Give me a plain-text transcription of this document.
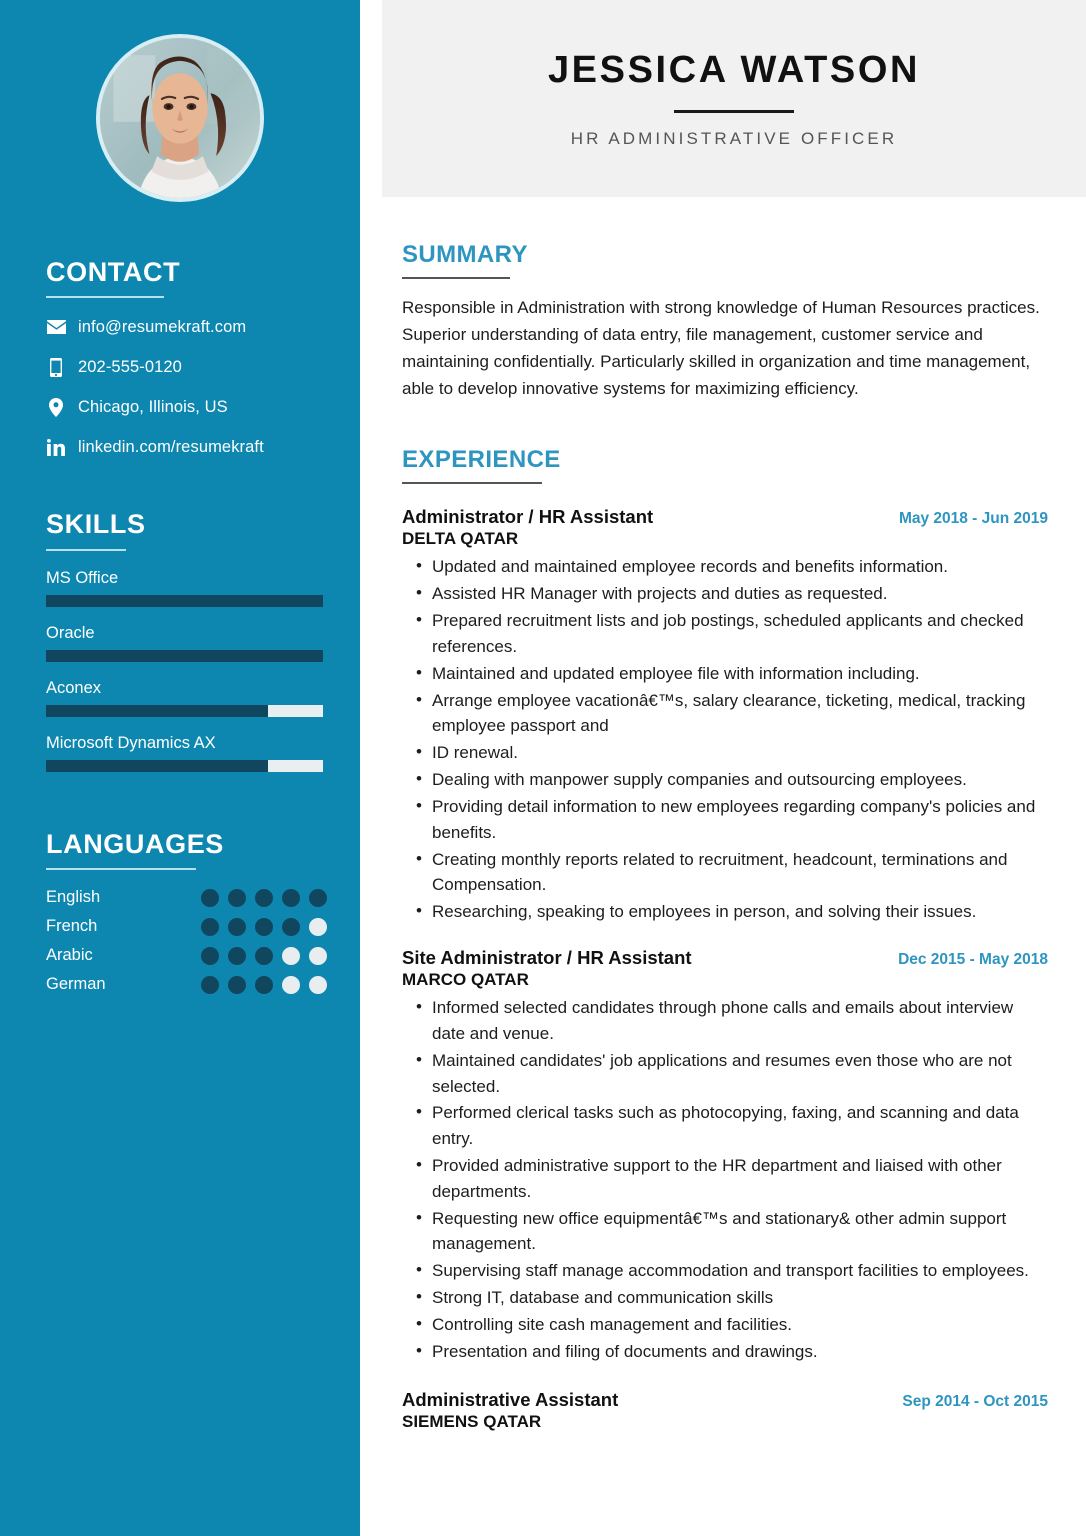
CONTACT
info@resumekraft.com
202-555-0120
Chicago, Illinois, US
linkedin.com/resumekraft
SKILLS
MS Office
Oracle
Aconex
Microsoft Dynamics AX
LANGUAGES
English
French
Arabic
German
JESSICA WATSON
HR ADMINISTRATIVE OFFICER
SUMMARY

Responsible in Administration with strong knowledge of Human Resources practices. Superior understanding of data entry, file management, customer service and maintaining confidentially. Particularly skilled in organization and time management, able to develop innovative systems for maximizing efficiency.

EXPERIENCE
Administrator / HR Assistant	May 2018 - Jun 2019
DELTA QATAR
• Updated and maintained employee records and benefits information.
• Assisted HR Manager with projects and duties as requested.
• Prepared recruitment lists and job postings, scheduled applicants and checked references.
• Maintained and updated employee file with information including.
• Arrange employee vacationâ€™s, salary clearance, ticketing, medical, tracking employee passport and
• ID renewal.
• Dealing with manpower supply companies and outsourcing employees.
• Providing detail information to new employees regarding company's policies and benefits.
• Creating monthly reports related to recruitment, headcount, terminations and Compensation.
• Researching, speaking to employees in person, and solving their issues.
Site Administrator / HR Assistant	Dec 2015 - May 2018
MARCO QATAR
• Informed selected candidates through phone calls and emails about interview date and venue.
• Maintained candidates' job applications and resumes even those who are not selected.
• Performed clerical tasks such as photocopying, faxing, and scanning and data entry.
• Provided administrative support to the HR department and liaised with other departments.
• Requesting new office equipmentâ€™s and stationary& other admin support management.
• Supervising staff manage accommodation and transport facilities to employees.
• Strong IT, database and communication skills
• Controlling site cash management and facilities.
• Presentation and filing of documents and drawings.
Administrative Assistant	Sep 2014 - Oct 2015
SIEMENS QATAR
